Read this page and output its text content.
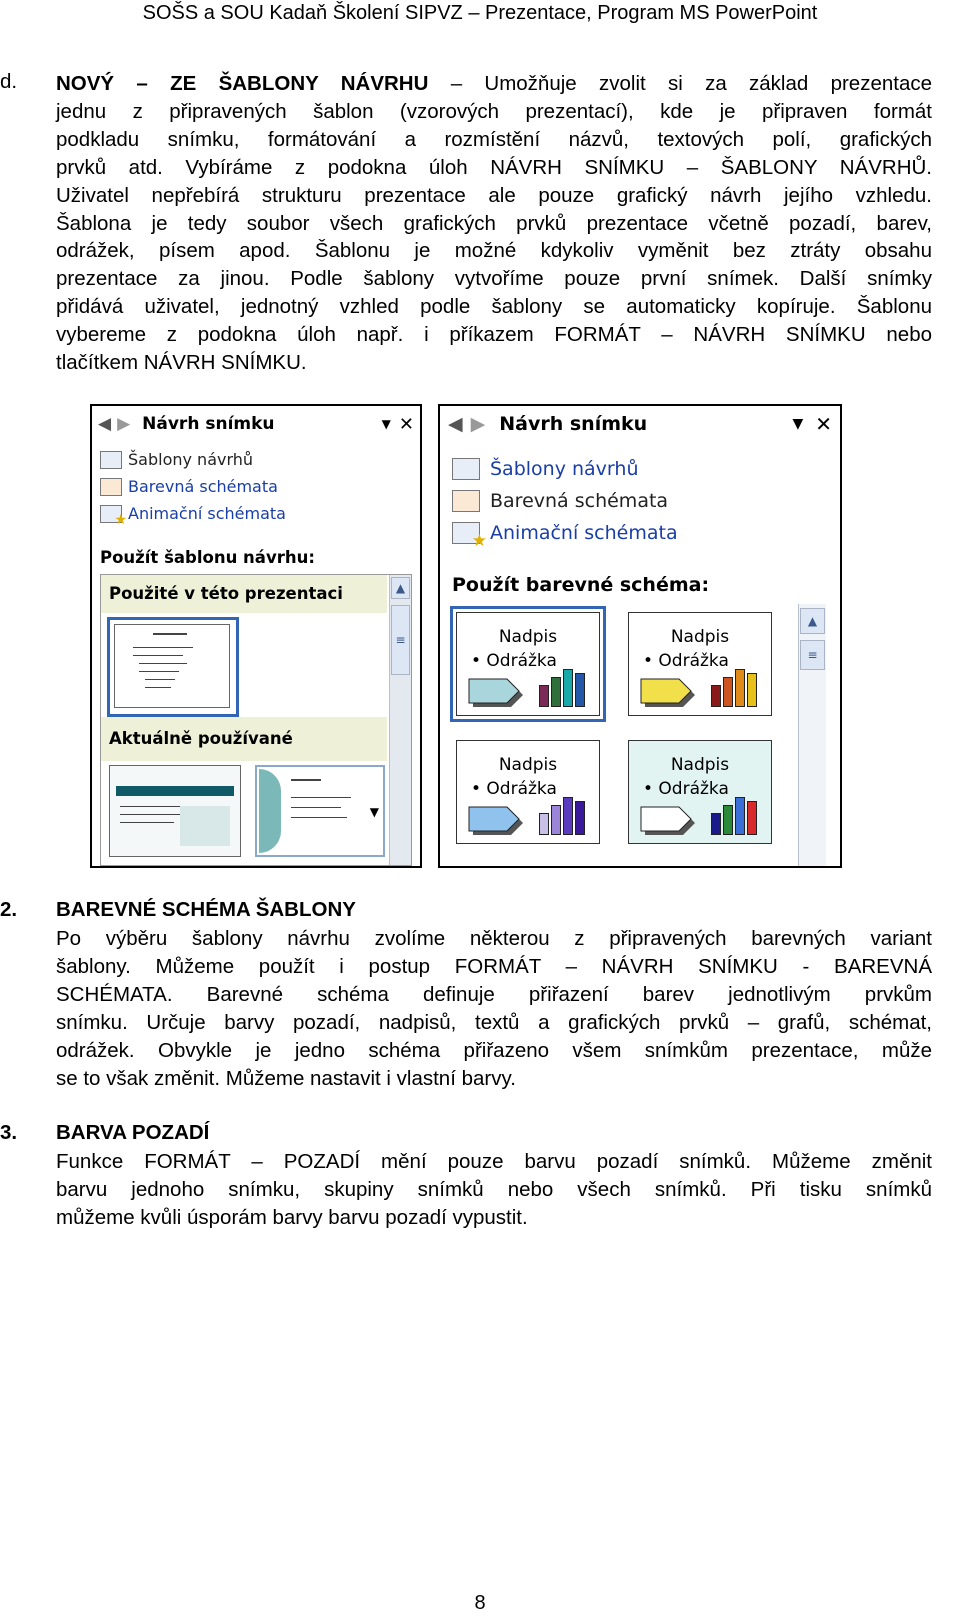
SOŠS a SOU Kadaň Školení SIPVZ – Prezentace, Program MS PowerPoint
d. NOVÝ – ZE ŠABLONY NÁVRHU – Umožňuje zvolit si za základ prezentace
jednu z připravených šablon (vzorových prezentací), kde je připraven formát
podkladu snímku, formátování a rozmístění názvů, textových polí, grafických
prvků atd. Vybíráme z podokna úloh NÁVRH SNÍMKU – ŠABLONY NÁVRHŮ.
Uživatel nepřebírá strukturu prezentace ale pouze grafický návrh jejího vzhledu.
Šablona je tedy soubor všech grafických prvků prezentace včetně pozadí, barev,
odrážek, písem apod. Šablonu je možné kdykoliv vyměnit bez ztráty obsahu
prezentace za jinou. Podle šablony vytvoříme pouze první snímek. Další snímky
přidává uživatel, jednotný vzhled podle šablony se automaticky kopíruje. Šablonu
vybereme z podokna úloh např. i příkazem FORMÁT – NÁVRH SNÍMKU nebo
tlačítkem NÁVRH SNÍMKU.
◀ ▶ Návrh snímku	▼ ✕
Šablony návrhů
Barevná schémata
★ Animační schémata
Použít šablonu návrhu:
Použité v této prezentaci
Aktuálně používané
▼
▲
≡
◀ ▶ Návrh snímku	▼ ✕
Šablony návrhů
Barevná schémata
★ Animační schémata
Použít barevné schéma:
Nadpis
• Odrážka
Nadpis
• Odrážka
Nadpis
• Odrážka
Nadpis
• Odrážka
▲
≡
2. BAREVNÉ SCHÉMA ŠABLONY
Po výběru šablony návrhu zvolíme některou z připravených barevných variant
šablony. Můžeme použít i postup FORMÁT – NÁVRH SNÍMKU - BAREVNÁ
SCHÉMATA. Barevné schéma definuje přiřazení barev jednotlivým prvkům
snímku. Určuje barvy pozadí, nadpisů, textů a grafických prvků – grafů, schémat,
odrážek. Obvykle je jedno schéma přiřazeno všem snímkům prezentace, může
se to však změnit. Můžeme nastavit i vlastní barvy.
3. BARVA POZADÍ
Funkce FORMÁT – POZADÍ mění pouze barvu pozadí snímků. Můžeme změnit
barvu jednoho snímku, skupiny snímků nebo všech snímků. Při tisku snímků
můžeme kvůli úsporám barvy barvu pozadí vypustit.
8
